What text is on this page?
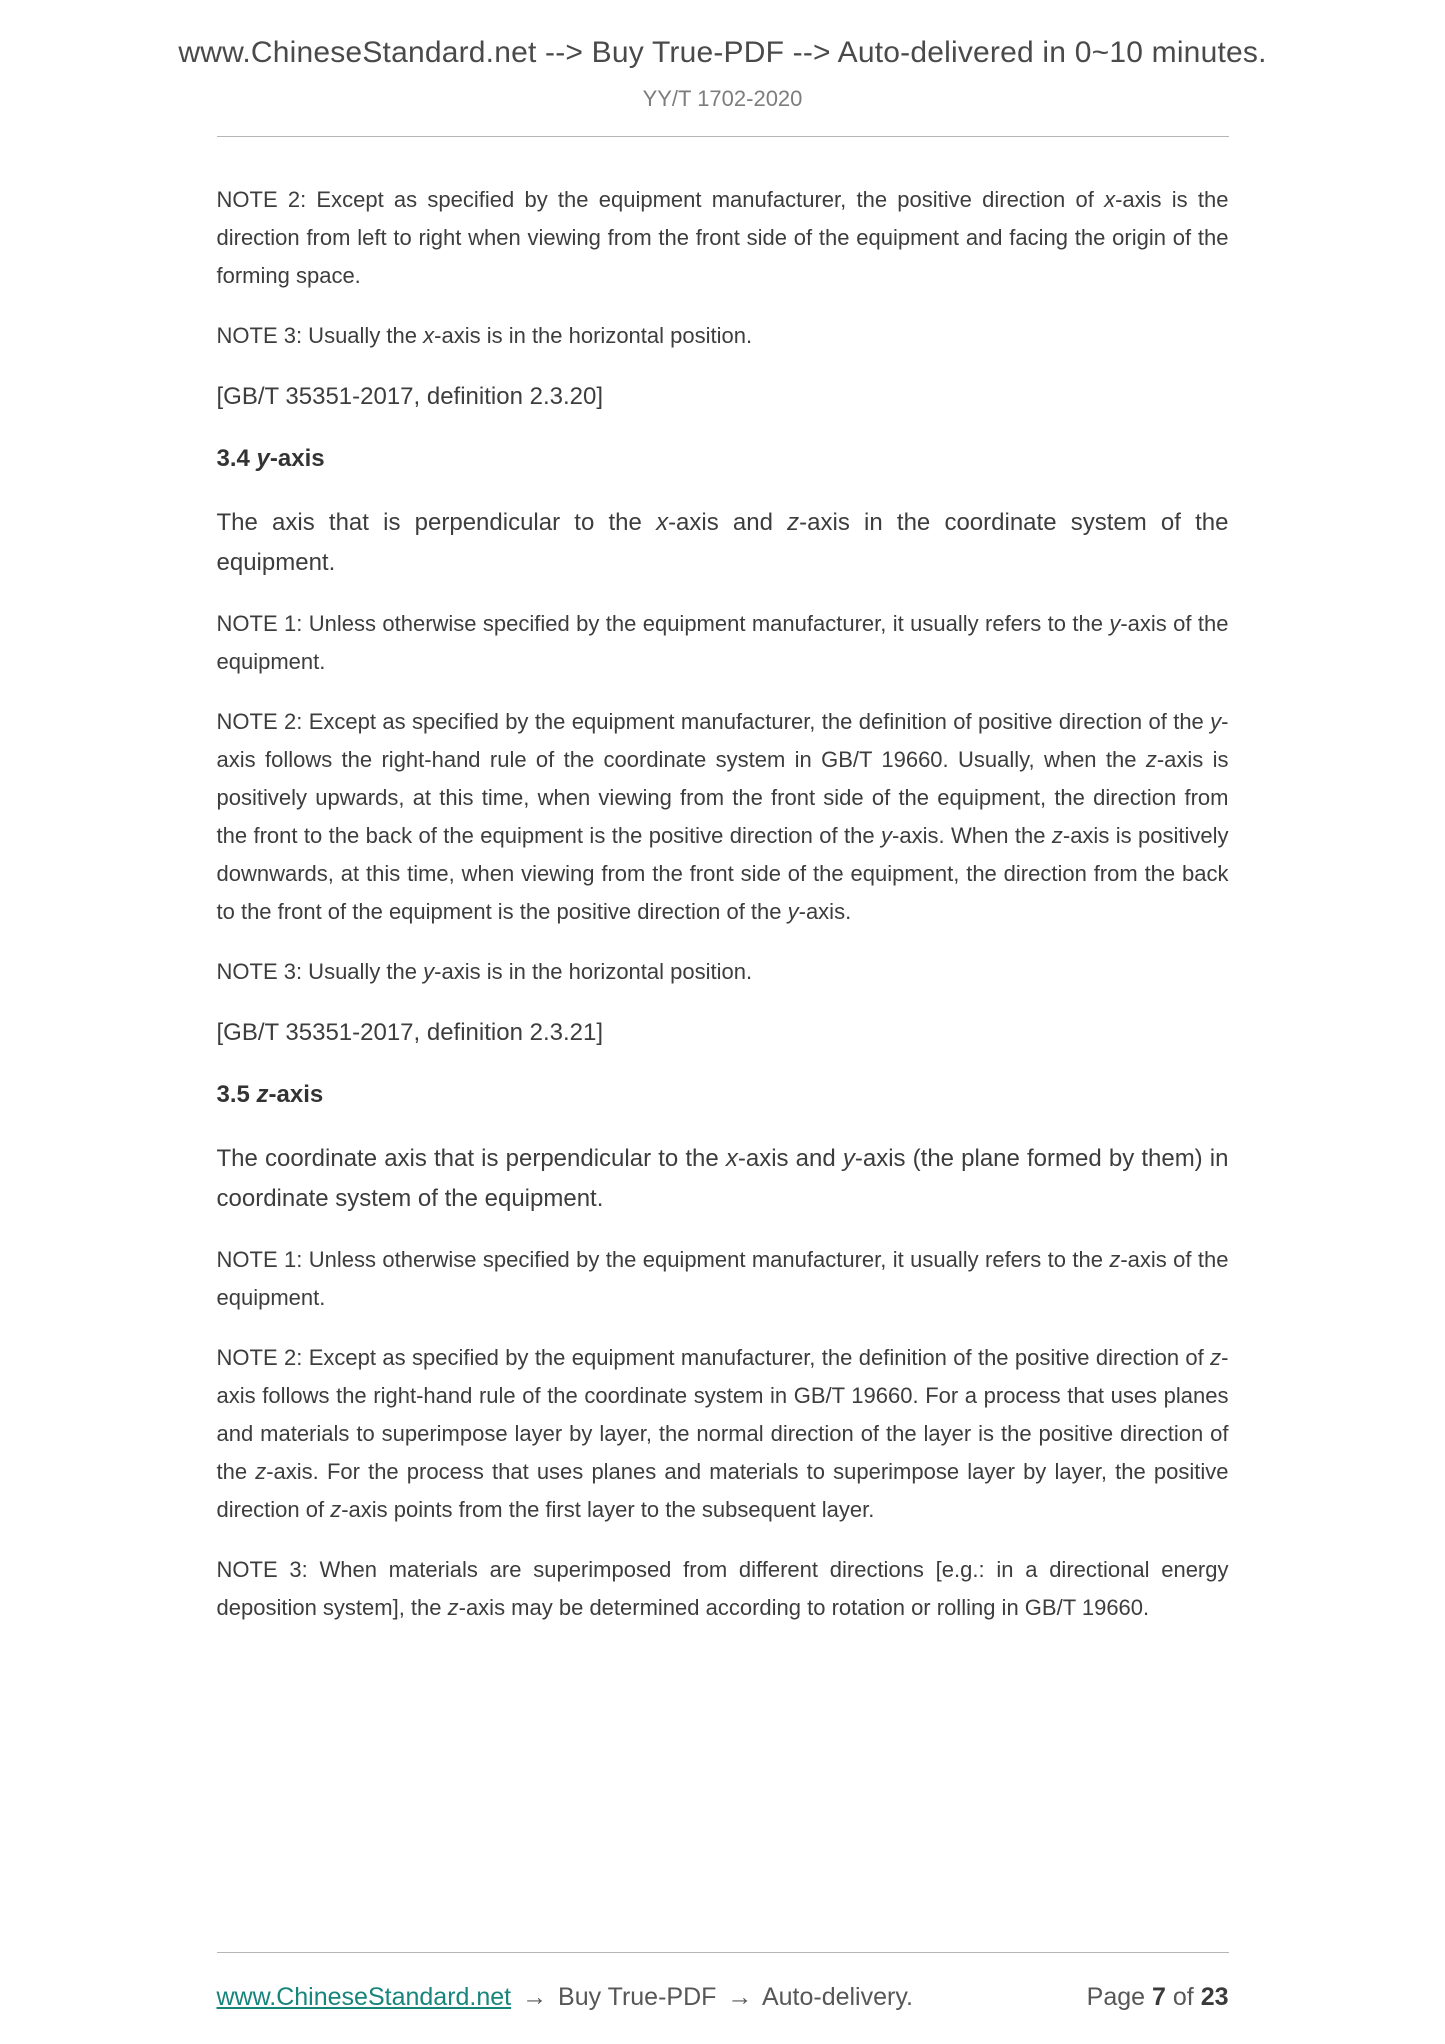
www.ChineseStandard.net --> Buy True-PDF --> Auto-delivered in 0~10 minutes.
YY/T 1702-2020

NOTE 2: Except as specified by the equipment manufacturer, the positive direction of x-axis is the direction from left to right when viewing from the front side of the equipment and facing the origin of the forming space.

NOTE 3: Usually the x-axis is in the horizontal position.

[GB/T 35351-2017, definition 2.3.20]

3.4 y-axis

The axis that is perpendicular to the x-axis and z-axis in the coordinate system of the equipment.

NOTE 1: Unless otherwise specified by the equipment manufacturer, it usually refers to the y-axis of the equipment.

NOTE 2: Except as specified by the equipment manufacturer, the definition of positive direction of the y-axis follows the right-hand rule of the coordinate system in GB/T 19660. Usually, when the z-axis is positively upwards, at this time, when viewing from the front side of the equipment, the direction from the front to the back of the equipment is the positive direction of the y-axis. When the z-axis is positively downwards, at this time, when viewing from the front side of the equipment, the direction from the back to the front of the equipment is the positive direction of the y-axis.

NOTE 3: Usually the y-axis is in the horizontal position.

[GB/T 35351-2017, definition 2.3.21]

3.5 z-axis

The coordinate axis that is perpendicular to the x-axis and y-axis (the plane formed by them) in coordinate system of the equipment.

NOTE 1: Unless otherwise specified by the equipment manufacturer, it usually refers to the z-axis of the equipment.

NOTE 2: Except as specified by the equipment manufacturer, the definition of the positive direction of z-axis follows the right-hand rule of the coordinate system in GB/T 19660. For a process that uses planes and materials to superimpose layer by layer, the normal direction of the layer is the positive direction of the z-axis. For the process that uses planes and materials to superimpose layer by layer, the positive direction of z-axis points from the first layer to the subsequent layer.

NOTE 3: When materials are superimposed from different directions [e.g.: in a directional energy deposition system], the z-axis may be determined according to rotation or rolling in GB/T 19660.

www.ChineseStandard.net → Buy True-PDF → Auto-delivery.	Page 7 of 23
